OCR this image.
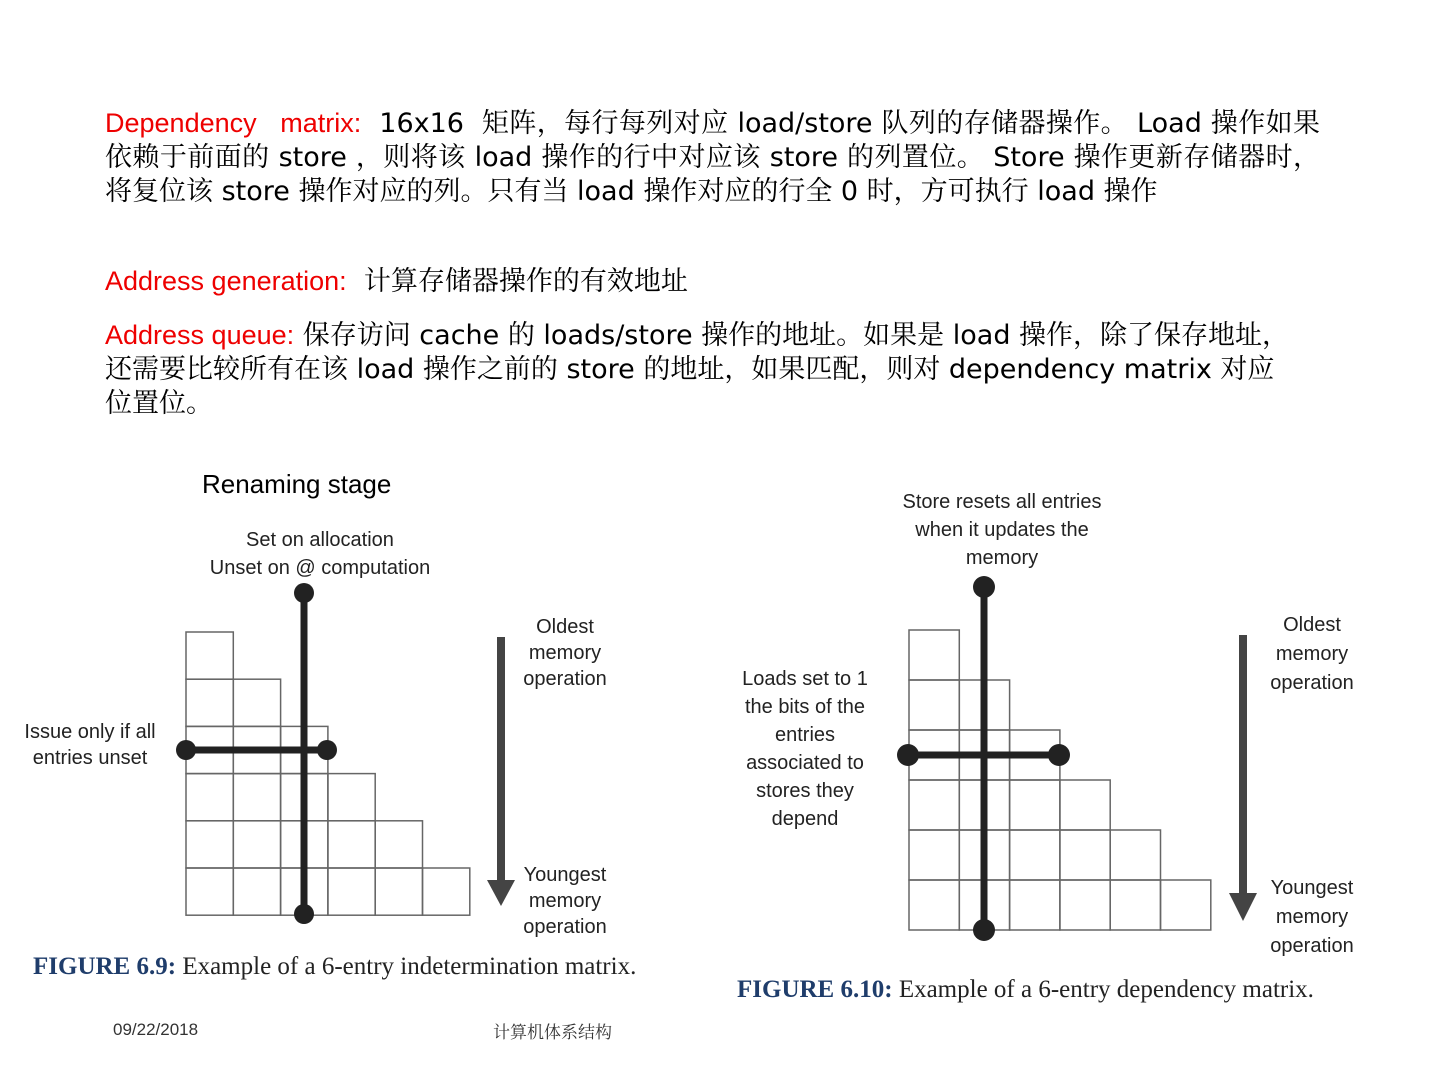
Dependency   matrix:  16x16  矩阵，每行每列对应 load/store 队列的存储器操作。 Load 操作如果依赖于前面的 store ，则将该 load 操作的行中对应该 store 的列置位。 Store 操作更新存储器时，将复位该 store 操作对应的列。只有当 load 操作对应的行全 0 时，方可执行 load 操作
Address generation:  计算存储器操作的有效地址
Address queue: 保存访问 cache 的 loads/store 操作的地址。如果是 load 操作，除了保存地址，还需要比较所有在该 load 操作之前的 store 的地址，如果匹配，则对 dependency matrix 对应位置位。
Renaming stage
Set on allocation
Unset on @ computation
Issue only if all
entries unset
Oldest
memory
operation
Youngest
memory
operation
FIGURE 6.9: Example of a 6-entry indetermination matrix.
Store resets all entries
when it updates the
memory
Loads set to 1
the bits of the
entries
associated to
stores they
depend
Oldest
memory
operation
Youngest
memory
operation
FIGURE 6.10: Example of a 6-entry dependency matrix.
09/22/2018	计算机体系结构
